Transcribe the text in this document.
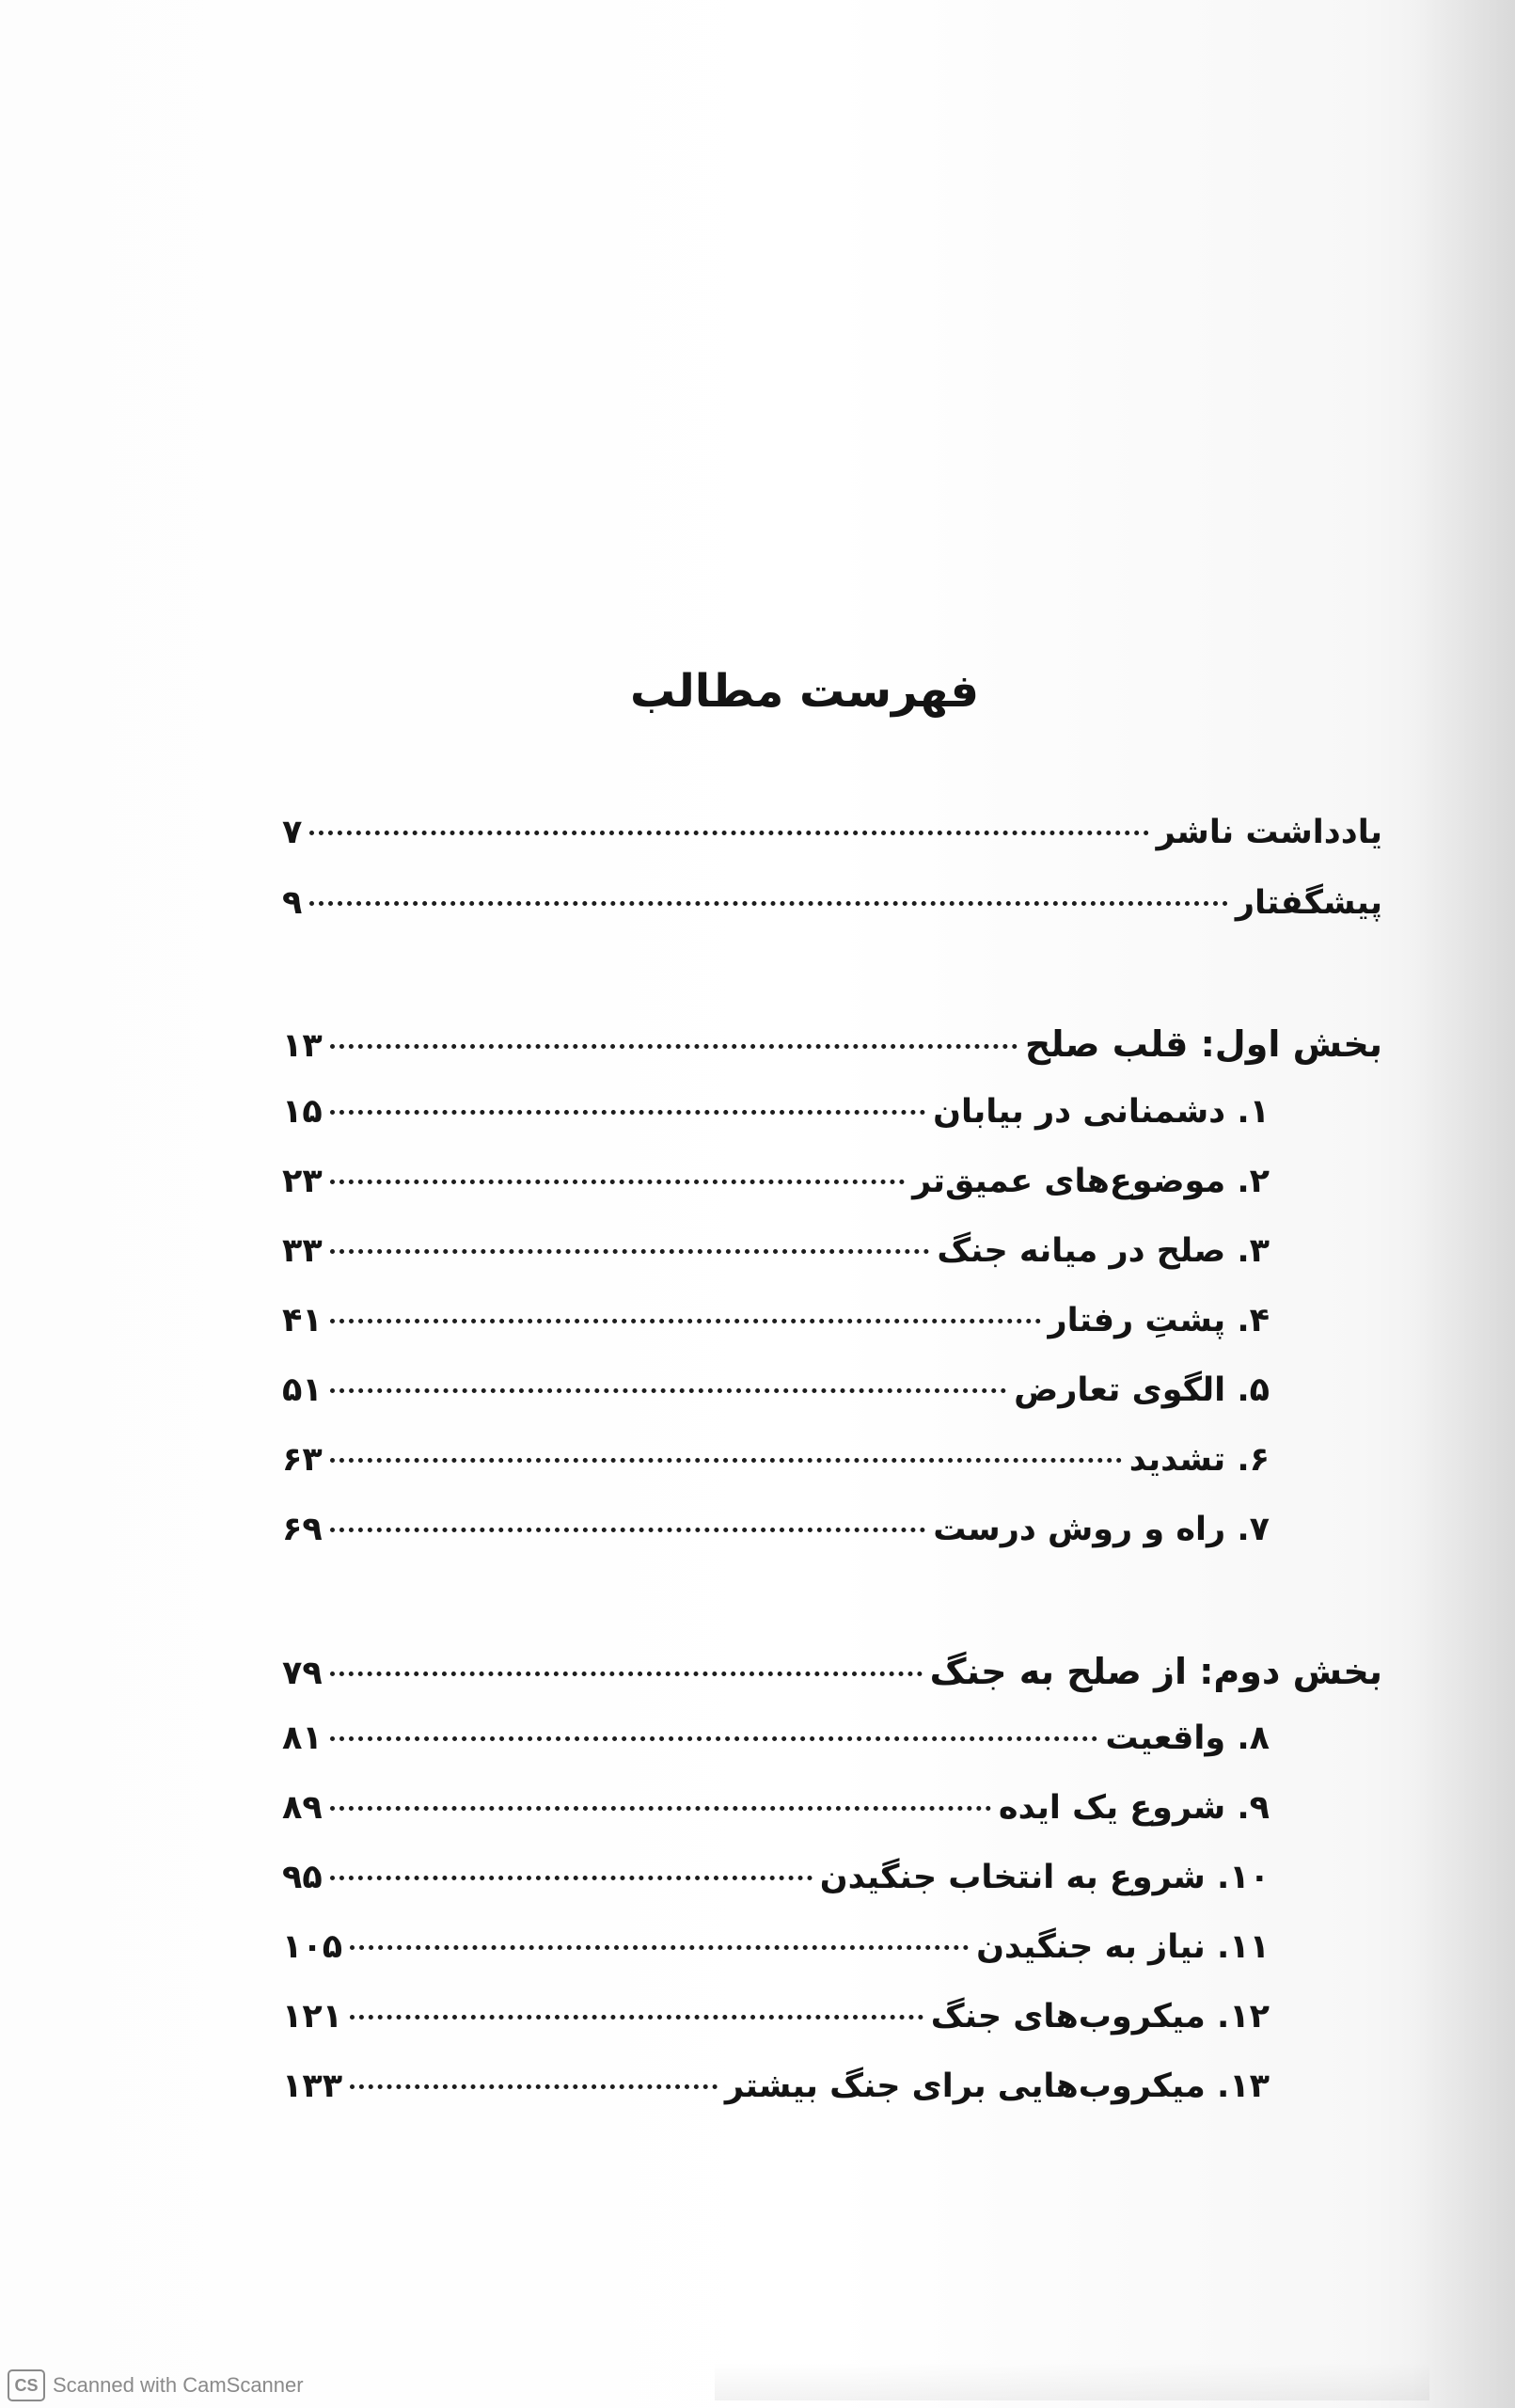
فهرست مطالب
یادداشت ناشر
۷
پیشگفتار
۹
بخش اول: قلب صلح
۱۳
۱. دشمنانی در بیابان
۱۵
۲. موضوع‌های عمیق‌تر
۲۳
۳. صلح در میانه جنگ
۳۳
۴. پشتِ رفتار
۴۱
۵. الگوی تعارض
۵۱
۶. تشدید
۶۳
۷. راه و روش درست
۶۹
بخش دوم: از صلح به جنگ
۷۹
۸. واقعیت
۸۱
۹. شروع یک ایده
۸۹
۱۰. شروع به انتخاب جنگیدن
۹۵
۱۱. نیاز به جنگیدن
۱۰۵
۱۲. میکروب‌های جنگ
۱۲۱
۱۳. میکروب‌هایی برای جنگ بیشتر
۱۳۳
CS Scanned with CamScanner
